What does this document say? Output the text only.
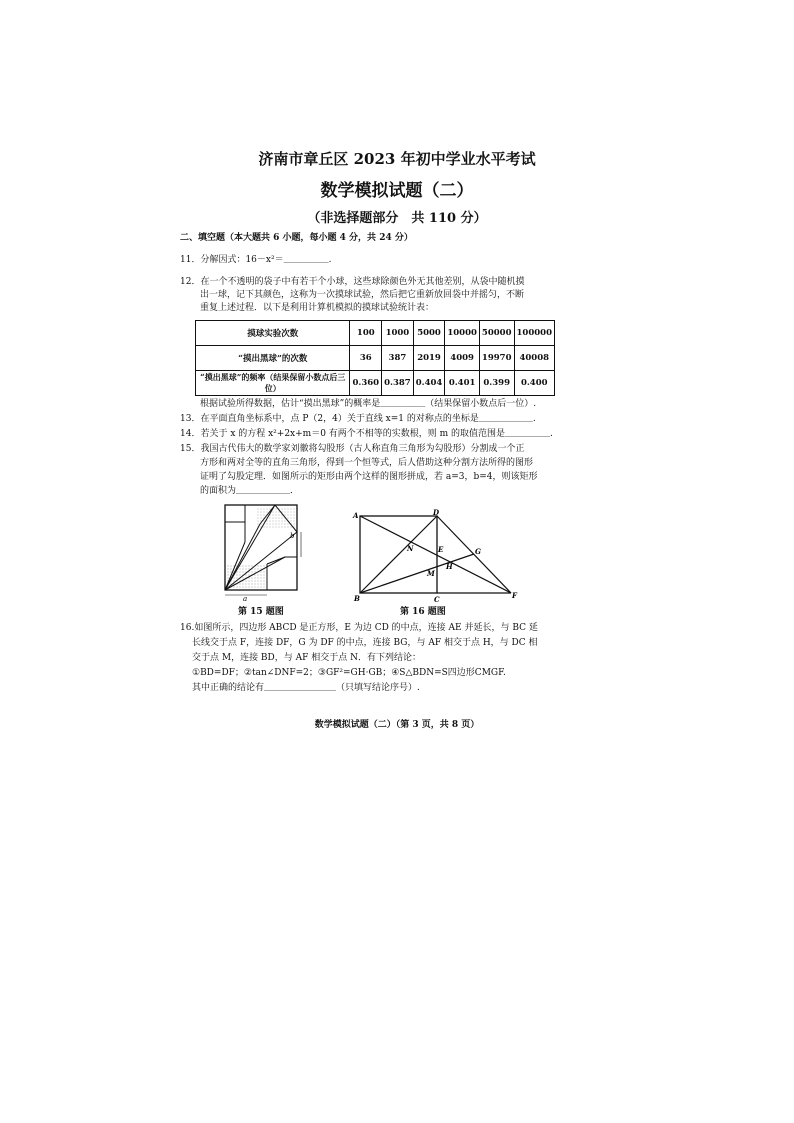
济南市章丘区 2023 年初中学业水平考试
数学模拟试题（二）
（非选择题部分　共 110 分）
二、填空题（本大题共 6 小题，每小题 4 分，共 24 分）
11．分解因式：16－x²＝＿＿＿＿＿.
12．在一个不透明的袋子中有若干个小球，这些球除颜色外无其他差别，从袋中随机摸
出一球，记下其颜色，这称为一次摸球试验，然后把它重新放回袋中并摇匀，不断
重复上述过程．以下是利用计算机模拟的摸球试验统计表：
摸球实验次数	100	1000	5000	10000	50000	100000
“摸出黑球”的次数	36	387	2019	4009	19970	40008
“摸出黑球”的频率（结果保留小数点后三位）	0.360	0.387	0.404	0.401	0.399	0.400
根据试验所得数据，估计“摸出黑球”的概率是＿＿＿＿＿（结果保留小数点后一位）.
13．在平面直角坐标系中，点 P（2，4）关于直线 x=1 的对称点的坐标是＿＿＿＿＿＿.
14．若关于 x 的方程 x²+2x+m＝0 有两个不相等的实数根，则 m 的取值范围是＿＿＿＿＿.
15．我国古代伟大的数学家刘徽将勾股形（古人称直角三角形为勾股形）分割成一个正
方形和两对全等的直角三角形，得到一个恒等式，后人借助这种分割方法所得的图形
证明了勾股定理．如图所示的矩形由两个这样的图形拼成，若 a=3，b=4，则该矩形
的面积为＿＿＿＿＿＿．
b
a
第 15 题图
A	D
B	C	F
E	G
N
M
H
第 16 题图
16.如图所示，四边形 ABCD 是正方形，E 为边 CD 的中点，连接 AE 并延长，与 BC 延
长线交于点 F，连接 DF，G 为 DF 的中点，连接 BG，与 AF 相交于点 H，与 DC 相
交于点 M，连接 BD，与 AF 相交于点 N．有下列结论：
①BD=DF；②tan∠DNF=2；③GF²=GH·GB；④S△BDN=S四边形CMGF.
其中正确的结论有＿＿＿＿＿＿＿＿（只填写结论序号）.
数学模拟试题（二）（第 3 页，共 8 页）
